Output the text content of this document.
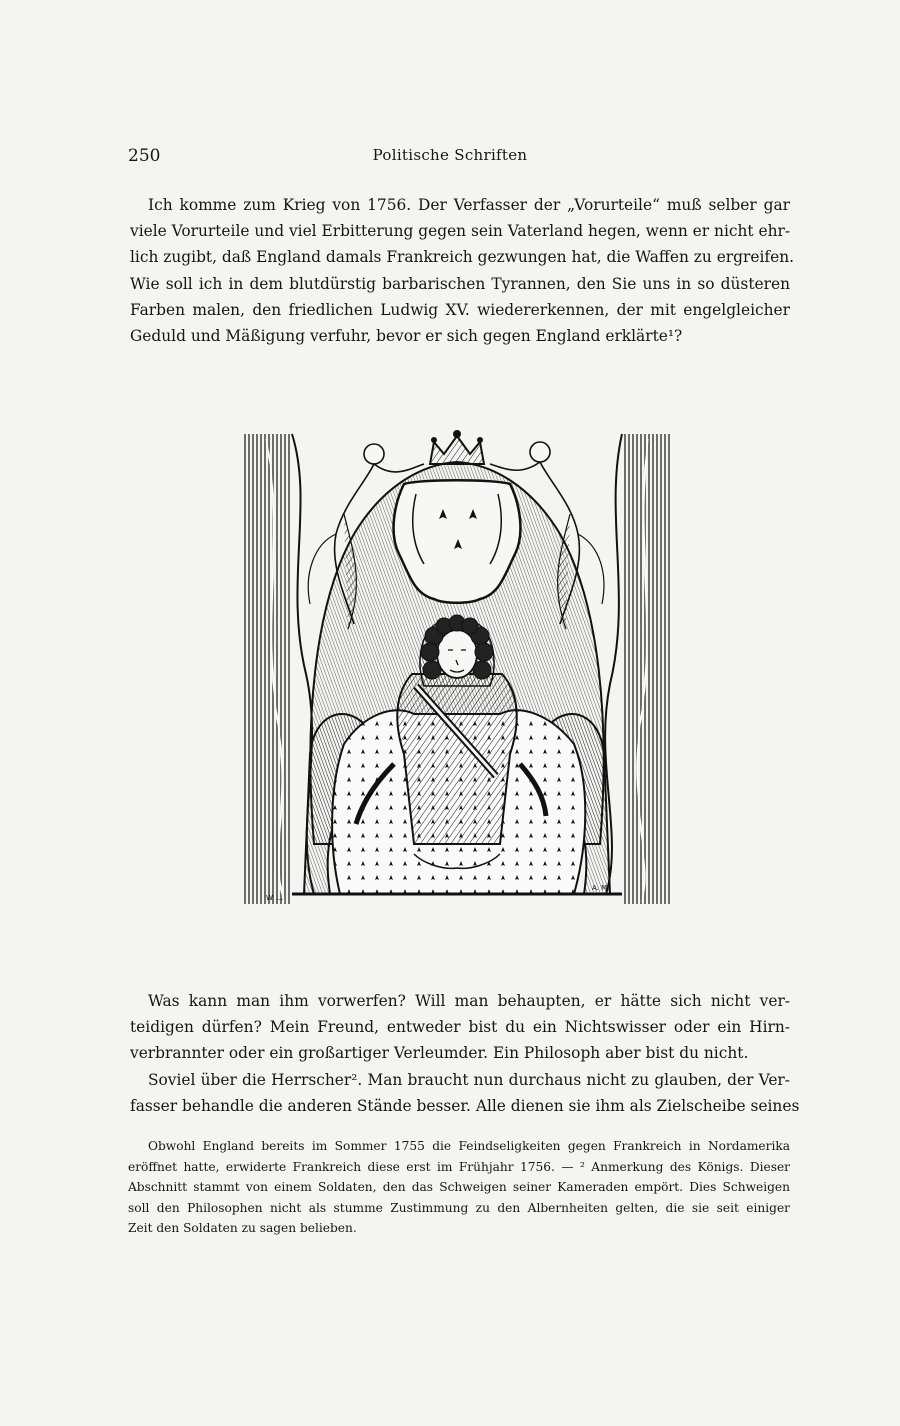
250	Politische Schriften
Ich komme zum Krieg von 1756. Der Verfasser der „Vorurteile“ muß selber gar
viele Vorurteile und viel Erbitterung gegen sein Vaterland hegen, wenn er nicht ehr-
lich zugibt, daß England damals Frankreich gezwungen hat, die Waffen zu ergreifen.
Wie soll ich in dem blutdürstig barbarischen Tyrannen, den Sie uns in so düsteren
Farben malen, den friedlichen Ludwig XV. wiedererkennen, der mit engelgleicher
Geduld und Mäßigung verfuhr, bevor er sich gegen England erklärte¹?
W. ...
A. M.
Was kann man ihm vorwerfen? Will man behaupten, er hätte sich nicht ver-
teidigen dürfen? Mein Freund, entweder bist du ein Nichtswisser oder ein Hirn-
verbrannter oder ein großartiger Verleumder. Ein Philosoph aber bist du nicht.
Soviel über die Herrscher². Man braucht nun durchaus nicht zu glauben, der Ver-
fasser behandle die anderen Stände besser. Alle dienen sie ihm als Zielscheibe seines
Obwohl England bereits im Sommer 1755 die Feindseligkeiten gegen Frankreich in Nordamerika
eröffnet hatte, erwiderte Frankreich diese erst im Frühjahr 1756. — ² Anmerkung des Königs. Dieser
Abschnitt stammt von einem Soldaten, den das Schweigen seiner Kameraden empört. Dies Schweigen
soll den Philosophen nicht als stumme Zustimmung zu den Albernheiten gelten, die sie seit einiger
Zeit den Soldaten zu sagen belieben.
